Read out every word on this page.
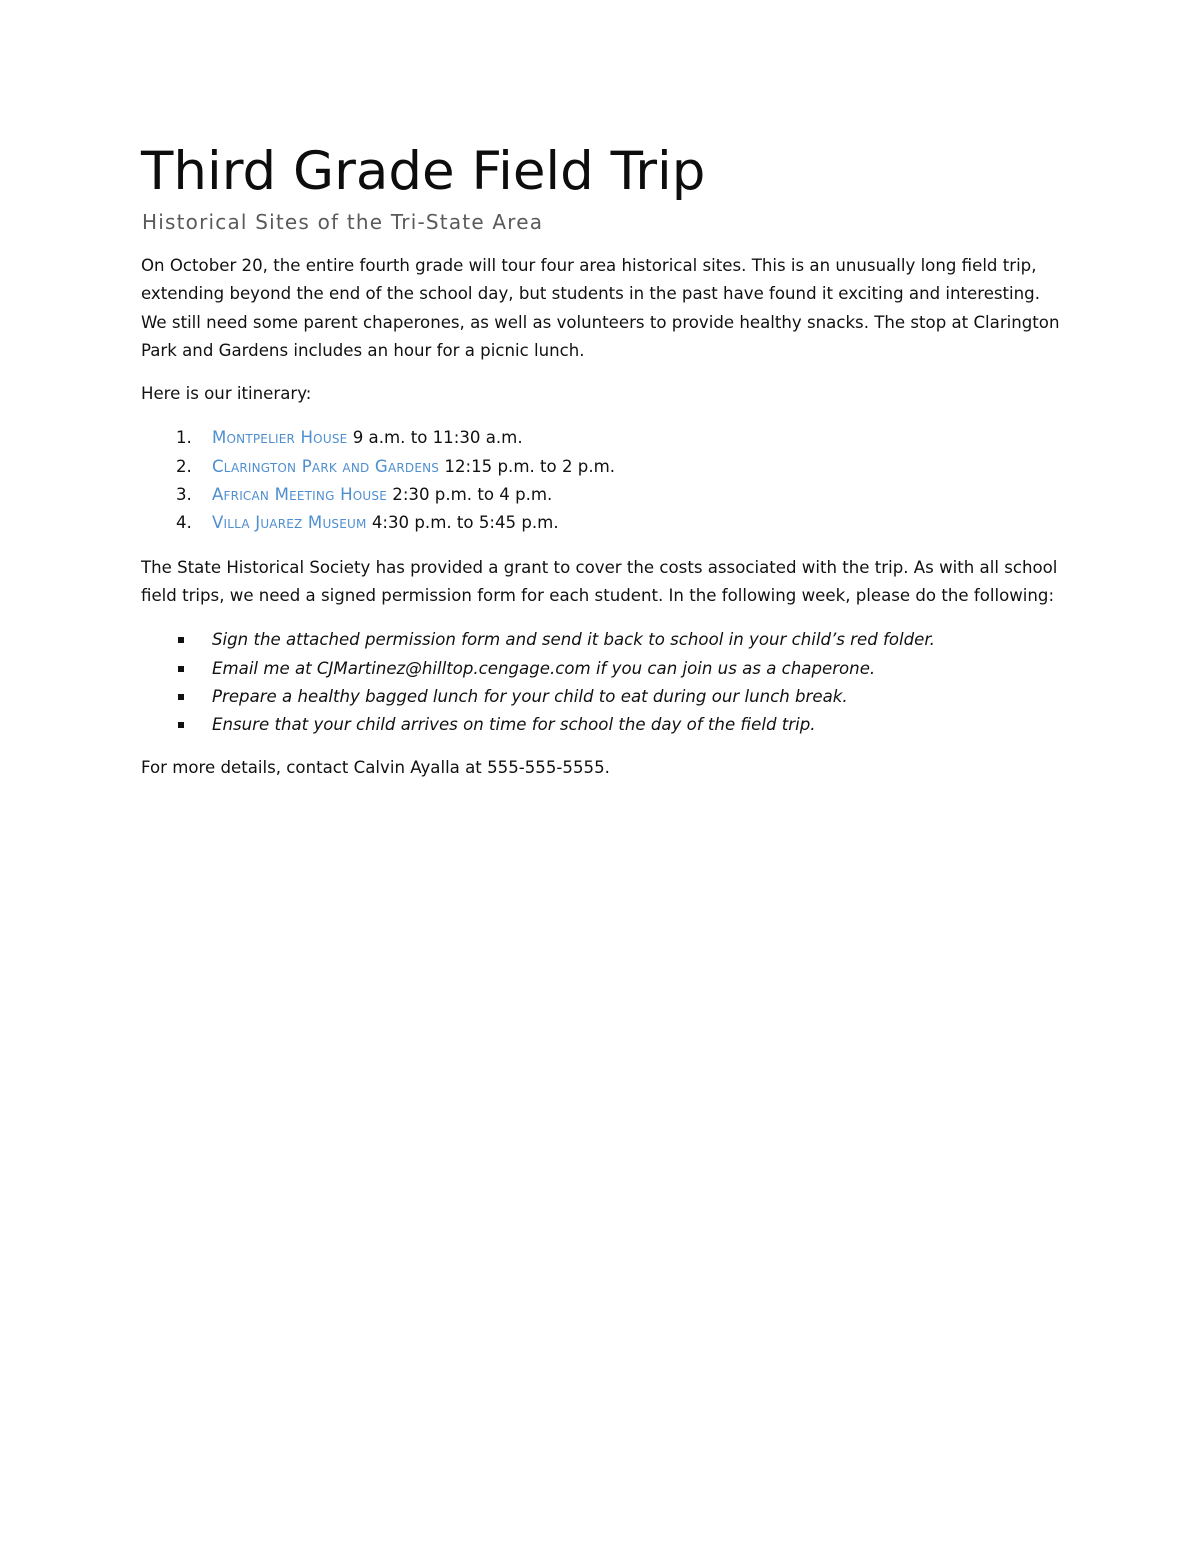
Third Grade Field Trip
Historical Sites of the Tri-State Area

On October 20, the entire fourth grade will tour four area historical sites. This is an unusually long field trip, extending beyond the end of the school day, but students in the past have found it exciting and interesting. We still need some parent chaperones, as well as volunteers to provide healthy snacks. The stop at Clarington Park and Gardens includes an hour for a picnic lunch.

Here is our itinerary:

1. Montpelier House 9 a.m. to 11:30 a.m.
2. Clarington Park and Gardens 12:15 p.m. to 2 p.m.
3. African Meeting House 2:30 p.m. to 4 p.m.
4. Villa Juarez Museum 4:30 p.m. to 5:45 p.m.

The State Historical Society has provided a grant to cover the costs associated with the trip. As with all school field trips, we need a signed permission form for each student. In the following week, please do the following:

Sign the attached permission form and send it back to school in your child’s red folder.
Email me at CJMartinez@hilltop.cengage.com if you can join us as a chaperone.
Prepare a healthy bagged lunch for your child to eat during our lunch break.
Ensure that your child arrives on time for school the day of the field trip.

For more details, contact Calvin Ayalla at 555-555-5555.
